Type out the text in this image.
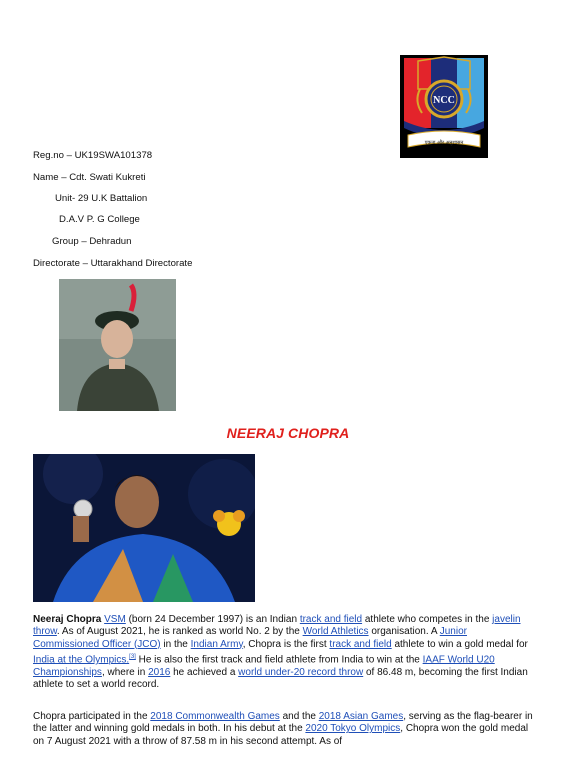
NCC
एकता और अनुशासन
Reg.no – UK19SWA101378
Name – Cdt. Swati Kukreti
Unit- 29 U.K Battalion
D.A.V P. G College
Group – Dehradun
Directorate – Uttarakhand Directorate
NEERAJ CHOPRA
Neeraj Chopra VSM (born 24 December 1997) is an Indian track and field athlete who competes in the javelin throw. As of August 2021, he is ranked as world No. 2 by the World Athletics organisation. A Junior Commissioned Officer (JCO) in the Indian Army, Chopra is the first track and field athlete to win a gold medal for India at the Olympics.[3] He is also the first track and field athlete from India to win at the IAAF World U20 Championships, where in 2016 he achieved a world under-20 record throw of 86.48 m, becoming the first Indian athlete to set a world record.
Chopra participated in the 2018 Commonwealth Games and the 2018 Asian Games, serving as the flag-bearer in the latter and winning gold medals in both. In his debut at the 2020 Tokyo Olympics, Chopra won the gold medal on 7 August 2021 with a throw of 87.58 m in his second attempt. As of
